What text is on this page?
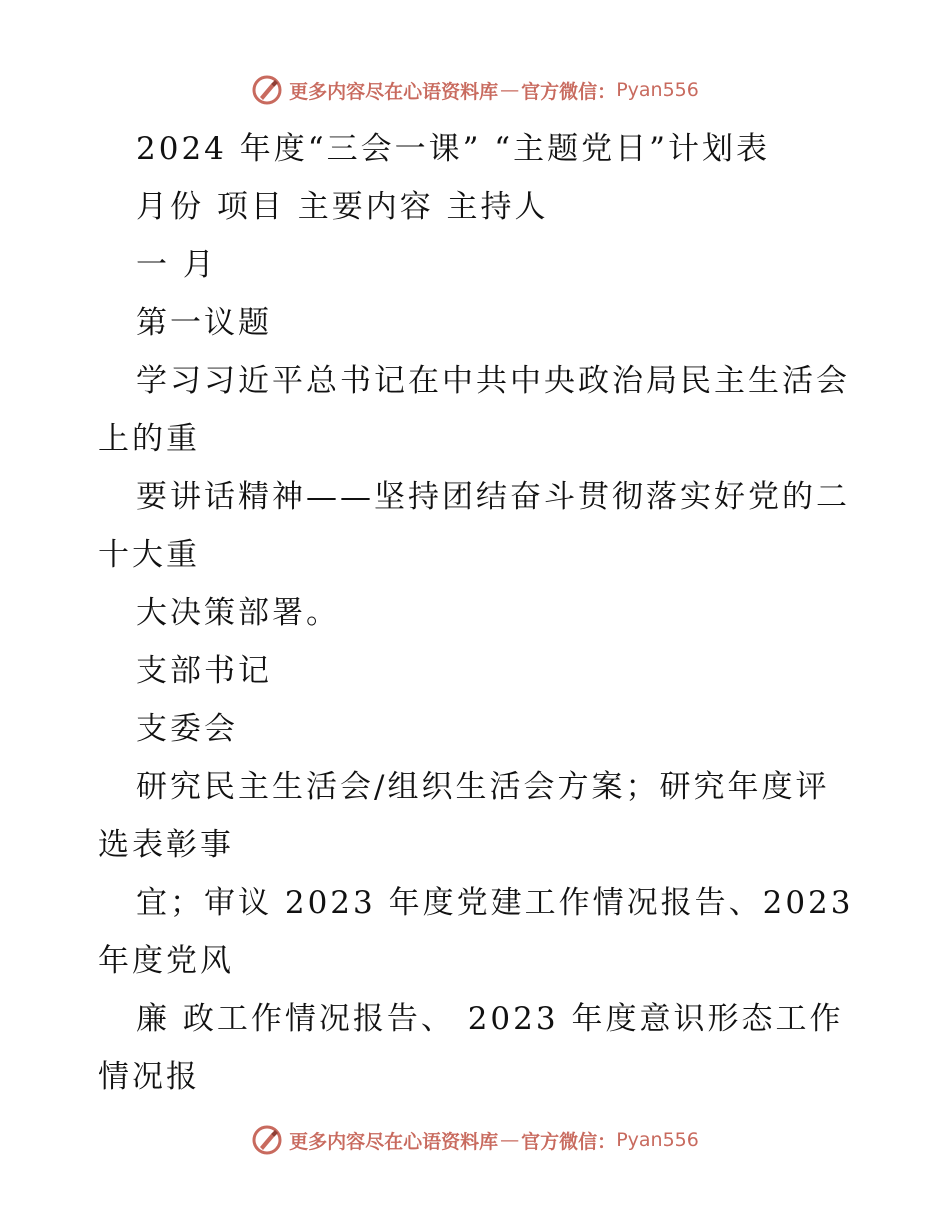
更多内容尽在心语资料库 — 官方微信： Pyan556
2024 年度“三会一课” “主题党日”计划表
月份 项目 主要内容 主持人
一 月
第一议题
学习习近平总书记在中共中央政治局民主生活会
上的重
要讲话精神——坚持团结奋斗贯彻落实好党的二
十大重
大决策部署。
支部书记
支委会
研究民主生活会/组织生活会方案；研究年度评
选表彰事
宜；审议 2023 年度党建工作情况报告、2023
年度党风
廉 政工作情况报告、 2023 年度意识形态工作
情况报
更多内容尽在心语资料库 — 官方微信： Pyan556
